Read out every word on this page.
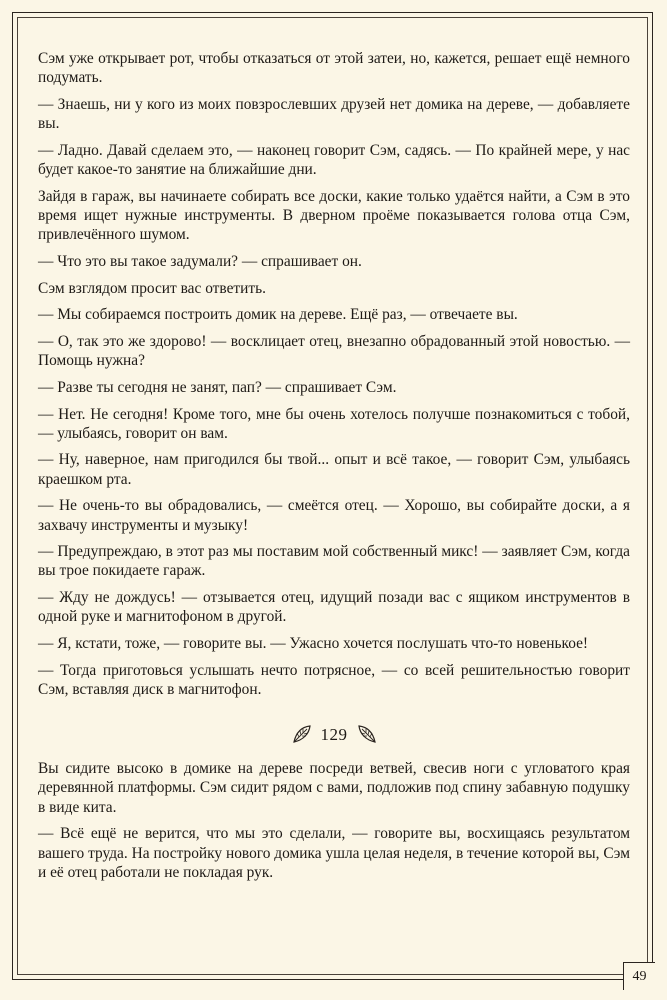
Сэм уже открывает рот, чтобы отказаться от этой затеи, но, кажется, решает ещё немного подумать.

— Знаешь, ни у кого из моих повзрослевших друзей нет домика на дереве, — добавляете вы.

— Ладно. Давай сделаем это, — наконец говорит Сэм, садясь. — По крайней мере, у нас будет какое-то занятие на ближайшие дни.

Зайдя в гараж, вы начинаете собирать все доски, какие только удаётся найти, а Сэм в это время ищет нужные инструменты. В дверном проёме показывается голова отца Сэм, привлечённого шумом.

— Что это вы такое задумали? — спрашивает он.

Сэм взглядом просит вас ответить.

— Мы собираемся построить домик на дереве. Ещё раз, — отвечаете вы.

— О, так это же здорово! — восклицает отец, внезапно обрадованный этой новостью. — Помощь нужна?

— Разве ты сегодня не занят, пап? — спрашивает Сэм.

— Нет. Не сегодня! Кроме того, мне бы очень хотелось получше познакомиться с тобой, — улыбаясь, говорит он вам.

— Ну, наверное, нам пригодился бы твой... опыт и всё такое, — говорит Сэм, улыбаясь краешком рта.

— Не очень-то вы обрадовались, — смеётся отец. — Хорошо, вы собирайте доски, а я захвачу инструменты и музыку!

— Предупреждаю, в этот раз мы поставим мой собственный микс! — заявляет Сэм, когда вы трое покидаете гараж.

— Жду не дождусь! — отзывается отец, идущий позади вас с ящиком инструментов в одной руке и магнитофоном в другой.

— Я, кстати, тоже, — говорите вы. — Ужасно хочется послушать что-то новенькое!

— Тогда приготовься услышать нечто потрясное, — со всей решительностью говорит Сэм, вставляя диск в магнитофон.

129

Вы сидите высоко в домике на дереве посреди ветвей, свесив ноги с угловатого края деревянной платформы. Сэм сидит рядом с вами, подложив под спину забавную подушку в виде кита.

— Всё ещё не верится, что мы это сделали, — говорите вы, восхищаясь результатом вашего труда. На постройку нового домика ушла целая неделя, в течение которой вы, Сэм и её отец работали не покладая рук.

49
